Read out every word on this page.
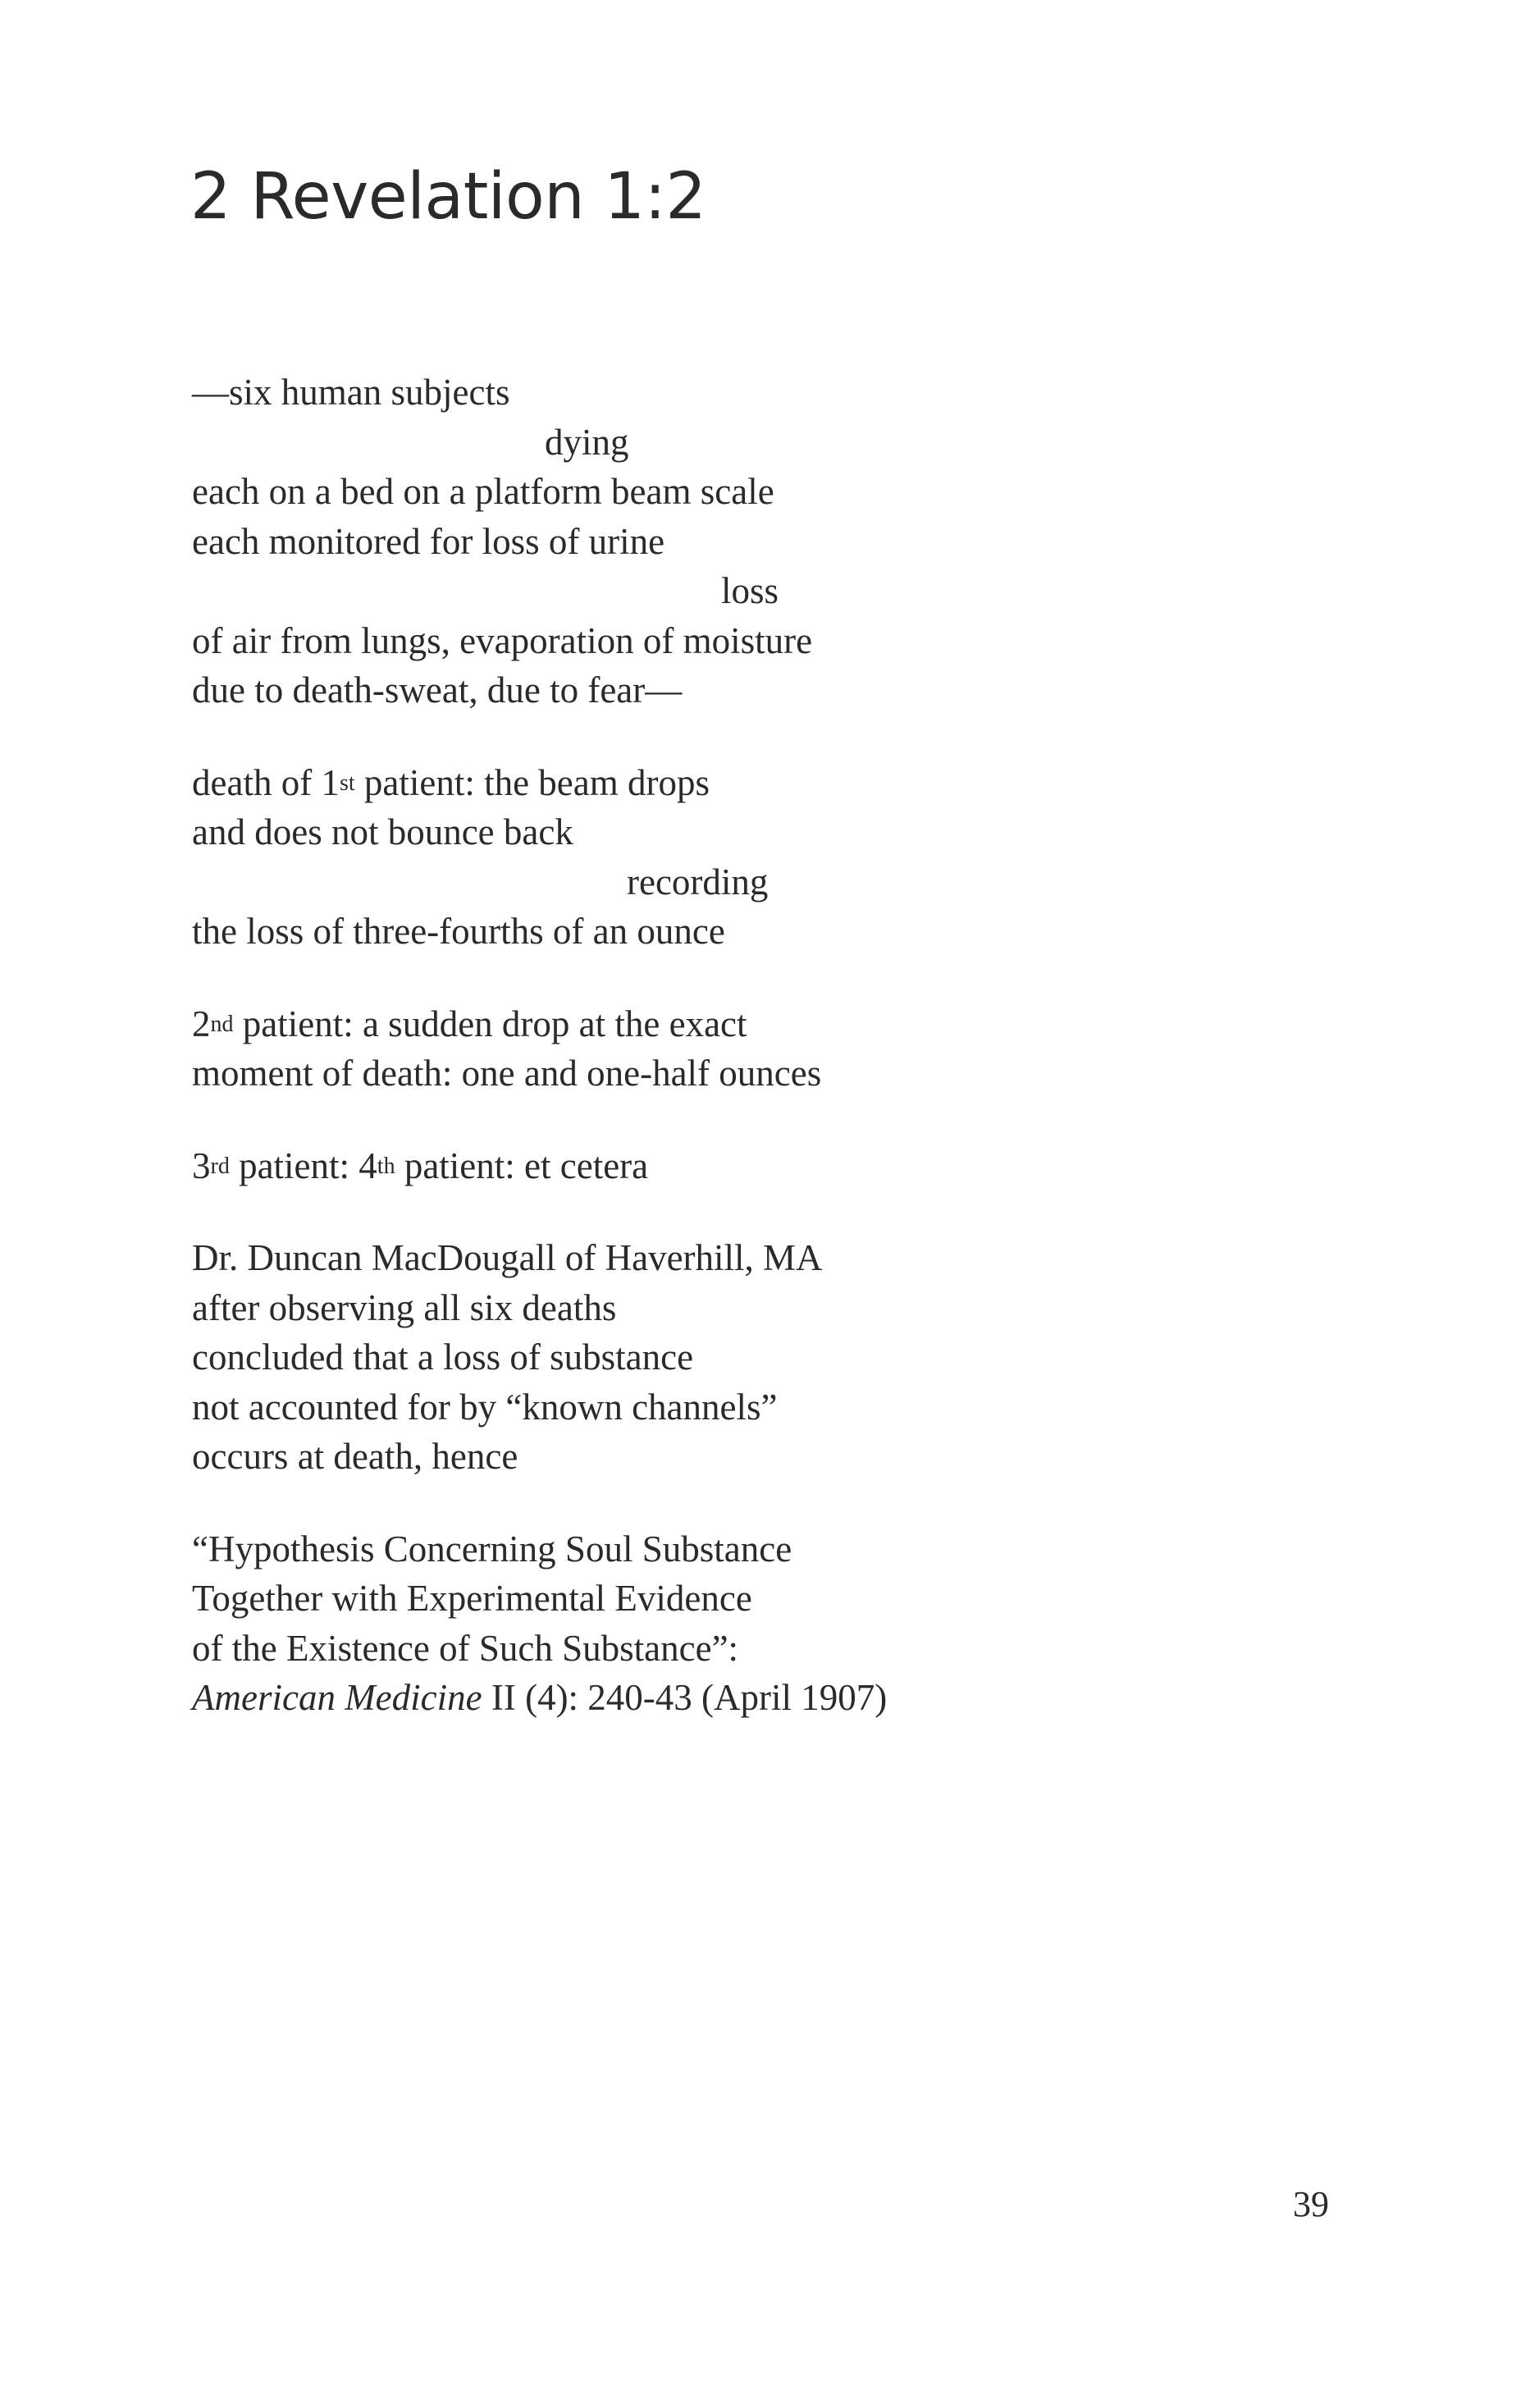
2 Revelation 1:2
—six human subjects
dying
each on a bed on a platform beam scale
each monitored for loss of urine
loss
of air from lungs, evaporation of moisture
due to death-sweat, due to fear—
death of 1st patient: the beam drops
and does not bounce back
recording
the loss of three-fourths of an ounce
2nd patient: a sudden drop at the exact
moment of death: one and one-half ounces
3rd patient: 4th patient: et cetera
Dr. Duncan MacDougall of Haverhill, MA
after observing all six deaths
concluded that a loss of substance
not accounted for by “known channels”
occurs at death, hence
“Hypothesis Concerning Soul Substance
Together with Experimental Evidence
of the Existence of Such Substance”:
American Medicine II (4): 240-43 (April 1907)
39
